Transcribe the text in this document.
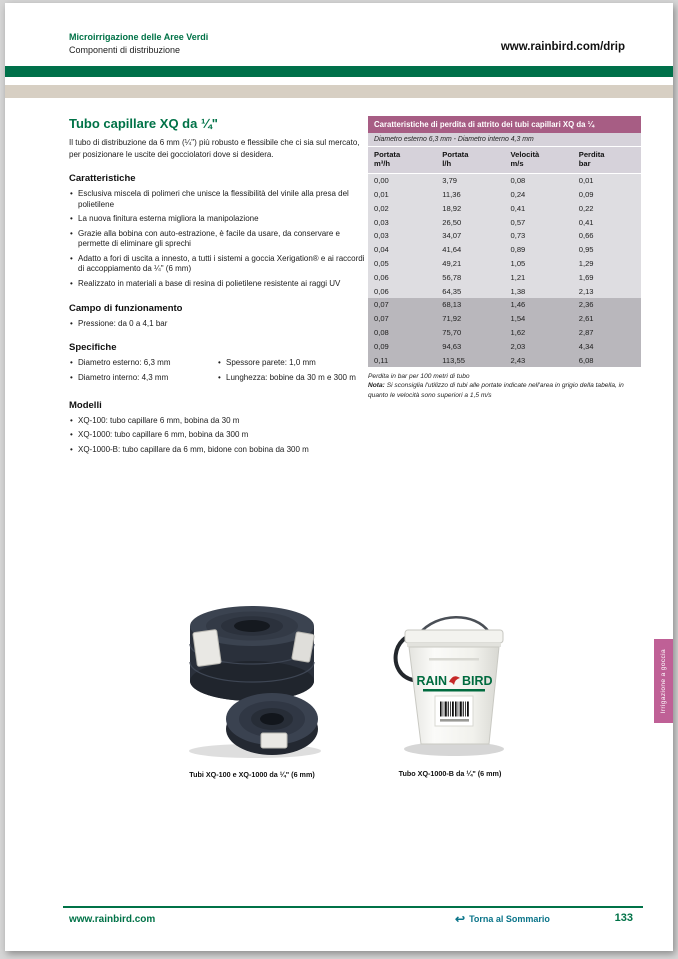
Microirrigazione delle Aree Verdi
Componenti di distribuzione	www.rainbird.com/drip
Tubo capillare XQ da ¼"

Il tubo di distribuzione da 6 mm (¼") più robusto e flessibile che ci sia sul mercato, per posizionare le uscite dei gocciolatori dove si desidera.

Caratteristiche
• Esclusiva miscela di polimeri che unisce la flessibilità del vinile alla presa del polietilene
• La nuova finitura esterna migliora la manipolazione
• Grazie alla bobina con auto-estrazione, è facile da usare, da conservare e permette di eliminare gli sprechi
• Adatto a fori di uscita a innesto, a tutti i sistemi a goccia Xerigation® e ai raccordi di accoppiamento da ¼" (6 mm)
• Realizzato in materiali a base di resina di polietilene resistente ai raggi UV
Campo di funzionamento
• Pressione: da 0 a 4,1 bar
Specifiche
• Diametro esterno: 6,3 mm
• Diametro interno: 4,3 mm
• Spessore parete: 1,0 mm
• Lunghezza: bobine da 30 m e 300 m
Modelli
• XQ-100: tubo capillare 6 mm, bobina da 30 m
• XQ-1000: tubo capillare 6 mm, bobina da 300 m
• XQ-1000-B: tubo capillare da 6 mm, bidone con bobina da 300 m
Caratteristiche di perdita di attrito dei tubi capillari XQ da ¼
Diametro esterno 6,3 mm - Diametro interno 4,3 mm
Portata
m³/h	Portata
l/h	Velocità
m/s	Perdita
bar
0,00	3,79	0,08	0,01
0,01	11,36	0,24	0,09
0,02	18,92	0,41	0,22
0,03	26,50	0,57	0,41
0,03	34,07	0,73	0,66
0,04	41,64	0,89	0,95
0,05	49,21	1,05	1,29
0,06	56,78	1,21	1,69
0,06	64,35	1,38	2,13
0,07	68,13	1,46	2,36
0,07	71,92	1,54	2,61
0,08	75,70	1,62	2,87
0,09	94,63	2,03	4,34
0,11	113,55	2,43	6,08
Perdita in bar per 100 metri di tubo
Nota: Si sconsiglia l'utilizzo di tubi alle portate indicate nell'area in grigio della tabella, in quanto le velocità sono superiori a 1,5 m/s
Tubi XQ-100 e XQ-1000 da ¼" (6 mm)
RAIN BIRD
Tubo XQ-1000-B da ¼" (6 mm)
Irrigazione a goccia
www.rainbird.com	↩ Torna al Sommario	133
